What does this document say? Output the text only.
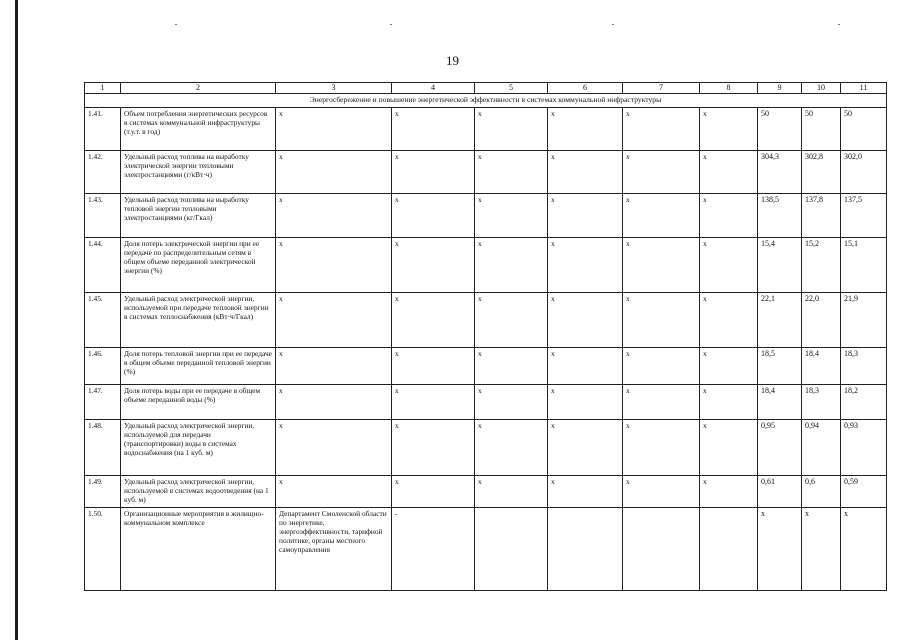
19
1	2	3	4	5	6	7	8	9	10	11
Энергосбережение и повышение энергетической эффективности в системах коммунальной инфраструктуры										
1.41.	Объем потребления энергетических ресурсов в системах коммунальной инфраструктуры (т.у.т. в год)	х	х	х	х	х	х	50	50	50
1.42.	Удельный расход топлива на выработку электрической энергии тепловыми электростанциями (г/кВт·ч)	х	х	х	х	х	х	304,3	302,8	302,0
1.43.	Удельный расход топлива на выработку тепловой энергии тепловыми электростанциями (кг/Гкал)	х	х	х	х	х	х	138,5	137,8	137,5
1.44.	Доля потерь электрической энергии при ее передаче по распределительным сетям в общем объеме переданной электрической энергии (%)	х	х	х	х	х	х	15,4	15,2	15,1
1.45.	Удельный расход электрической энергии, используемой при передаче тепловой энергии в системах теплоснабжения (кВт·ч/Гкал)	х	х	х	х	х	х	22,1	22,0	21,9
1.46.	Доля потерь тепловой энергии при ее передаче в общем объеме переданной тепловой энергии (%)	х	х	х	х	х	х	18,5	18,4	18,3
1.47.	Доля потерь воды при ее передаче в общем объеме переданной воды (%)	х	х	х	х	х	х	18,4	18,3	18,2
1.48.	Удельный расход электрической энергии, используемой для передачи (транспортировки) воды в системах водоснабжения (на 1 куб. м)	х	х	х	х	х	х	0,95	0,94	0,93
1.49.	Удельный расход электрической энергии, используемой в системах водоотведения (на 1 куб. м)	х	х	х	х	х	х	0,61	0,6	0,59
1.50.	Организационные мероприятия в жилищно-коммунальном комплексе	Департамент Смоленской области по энергетике, энергоэффективности, тарифной политике, органы местного самоуправления	-					х	х	х
